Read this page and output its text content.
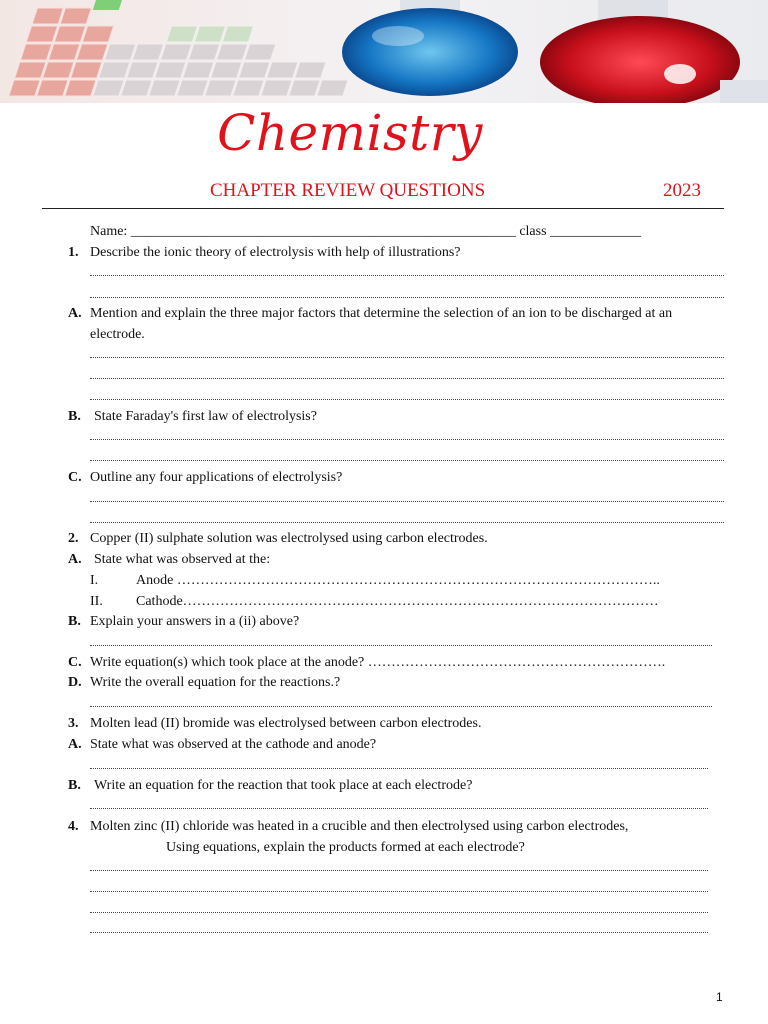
Chemistry
CHAPTER REVIEW QUESTIONS	2023
Name: _______________________________________________________ class _____________
1. Describe the ionic theory of electrolysis with help of illustrations?
A. Mention and explain the three major factors that determine the selection of an ion to be discharged at an
electrode.
B. State Faraday's first law of electrolysis?
C. Outline any four applications of electrolysis?
2. Copper (II) sulphate solution was electrolysed using carbon electrodes.
A. State what was observed at the:
I.	Anode …………………………………………………………………………………………..
II. Cathode…………………………………………………………………………………………
B. Explain your answers in a (ii) above?
C. Write equation(s) which took place at the anode? ……………………………………………………….
D. Write the overall equation for the reactions.?
3. Molten lead (II) bromide was electrolysed between carbon electrodes.
A. State what was observed at the cathode and anode?
B. Write an equation for the reaction that took place at each electrode?
4. Molten zinc (II) chloride was heated in a crucible and then electrolysed using carbon electrodes,
Using equations, explain the products formed at each electrode?
1
